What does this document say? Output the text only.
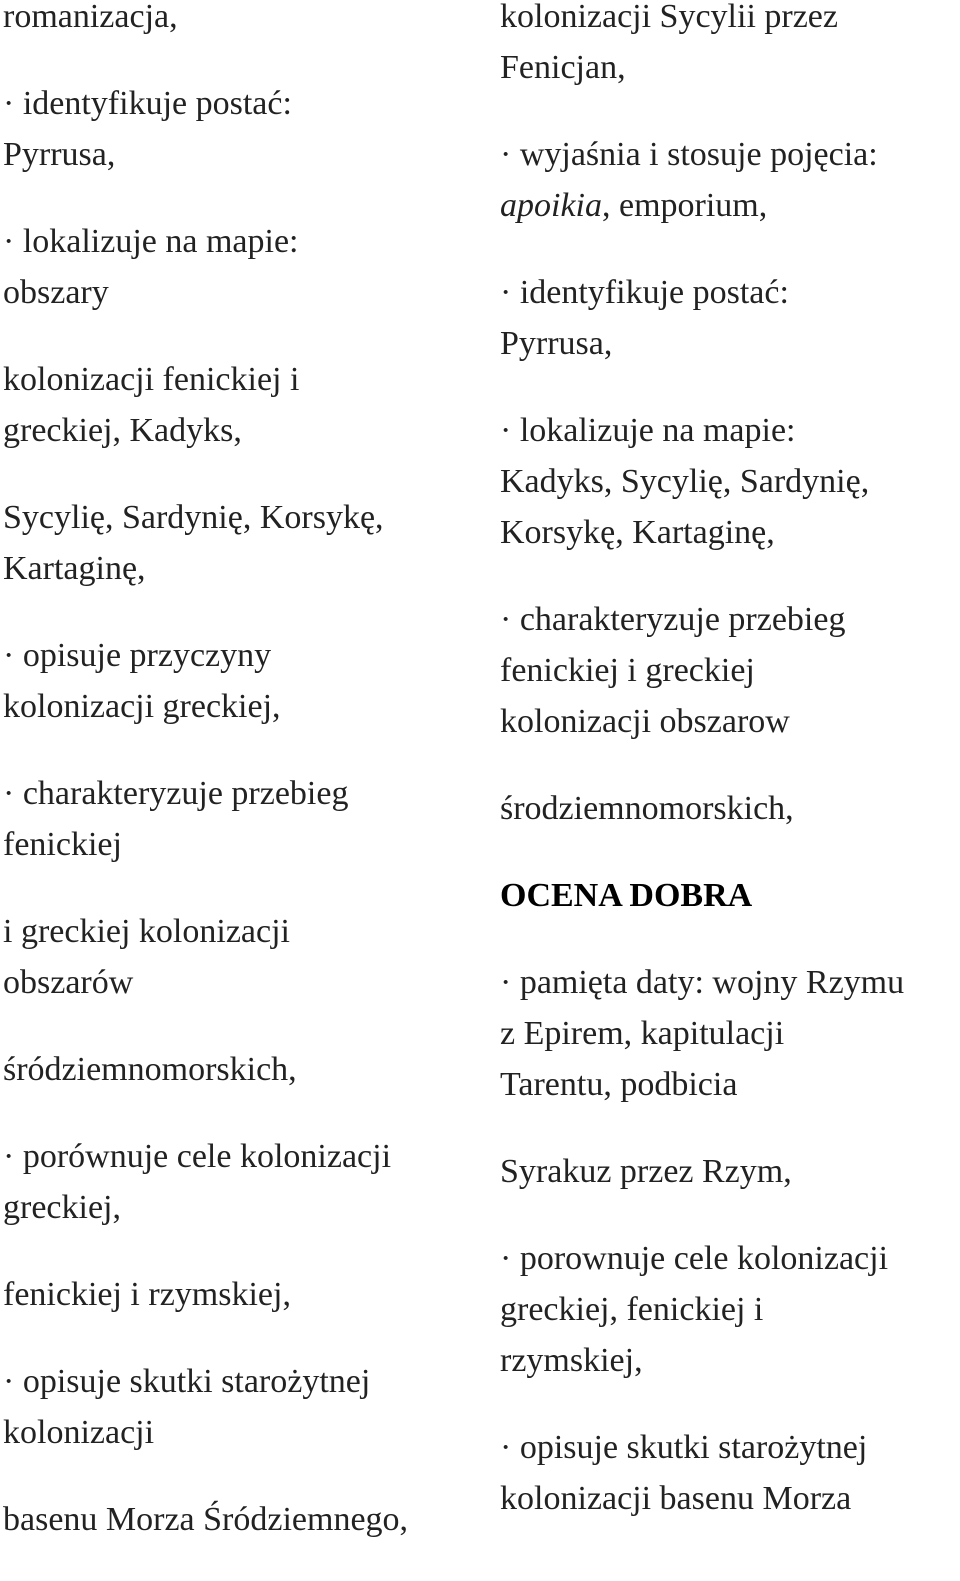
romanizacja,

· identyfikuje postać:
Pyrrusa,

· lokalizuje na mapie:
obszary

kolonizacji fenickiej i
greckiej, Kadyks,

Sycylię, Sardynię, Korsykę,
Kartaginę,

· opisuje przyczyny
kolonizacji greckiej,

· charakteryzuje przebieg
fenickiej

i greckiej kolonizacji
obszarów

śródziemnomorskich,

· porównuje cele kolonizacji
greckiej,

fenickiej i rzymskiej,

· opisuje skutki starożytnej
kolonizacji

basenu Morza Śródziemnego,

kolonizacji Sycylii przez
Fenicjan,

· wyjaśnia i stosuje pojęcia:
apoikia, emporium,

· identyfikuje postać:
Pyrrusa,

· lokalizuje na mapie:
Kadyks, Sycylię, Sardynię,
Korsykę, Kartaginę,

· charakteryzuje przebieg
fenickiej i greckiej
kolonizacji obszarow

środziemnomorskich,

OCENA DOBRA

· pamięta daty: wojny Rzymu
z Epirem, kapitulacji
Tarentu, podbicia

Syrakuz przez Rzym,

· porownuje cele kolonizacji
greckiej, fenickiej i
rzymskiej,

· opisuje skutki starożytnej
kolonizacji basenu Morza
